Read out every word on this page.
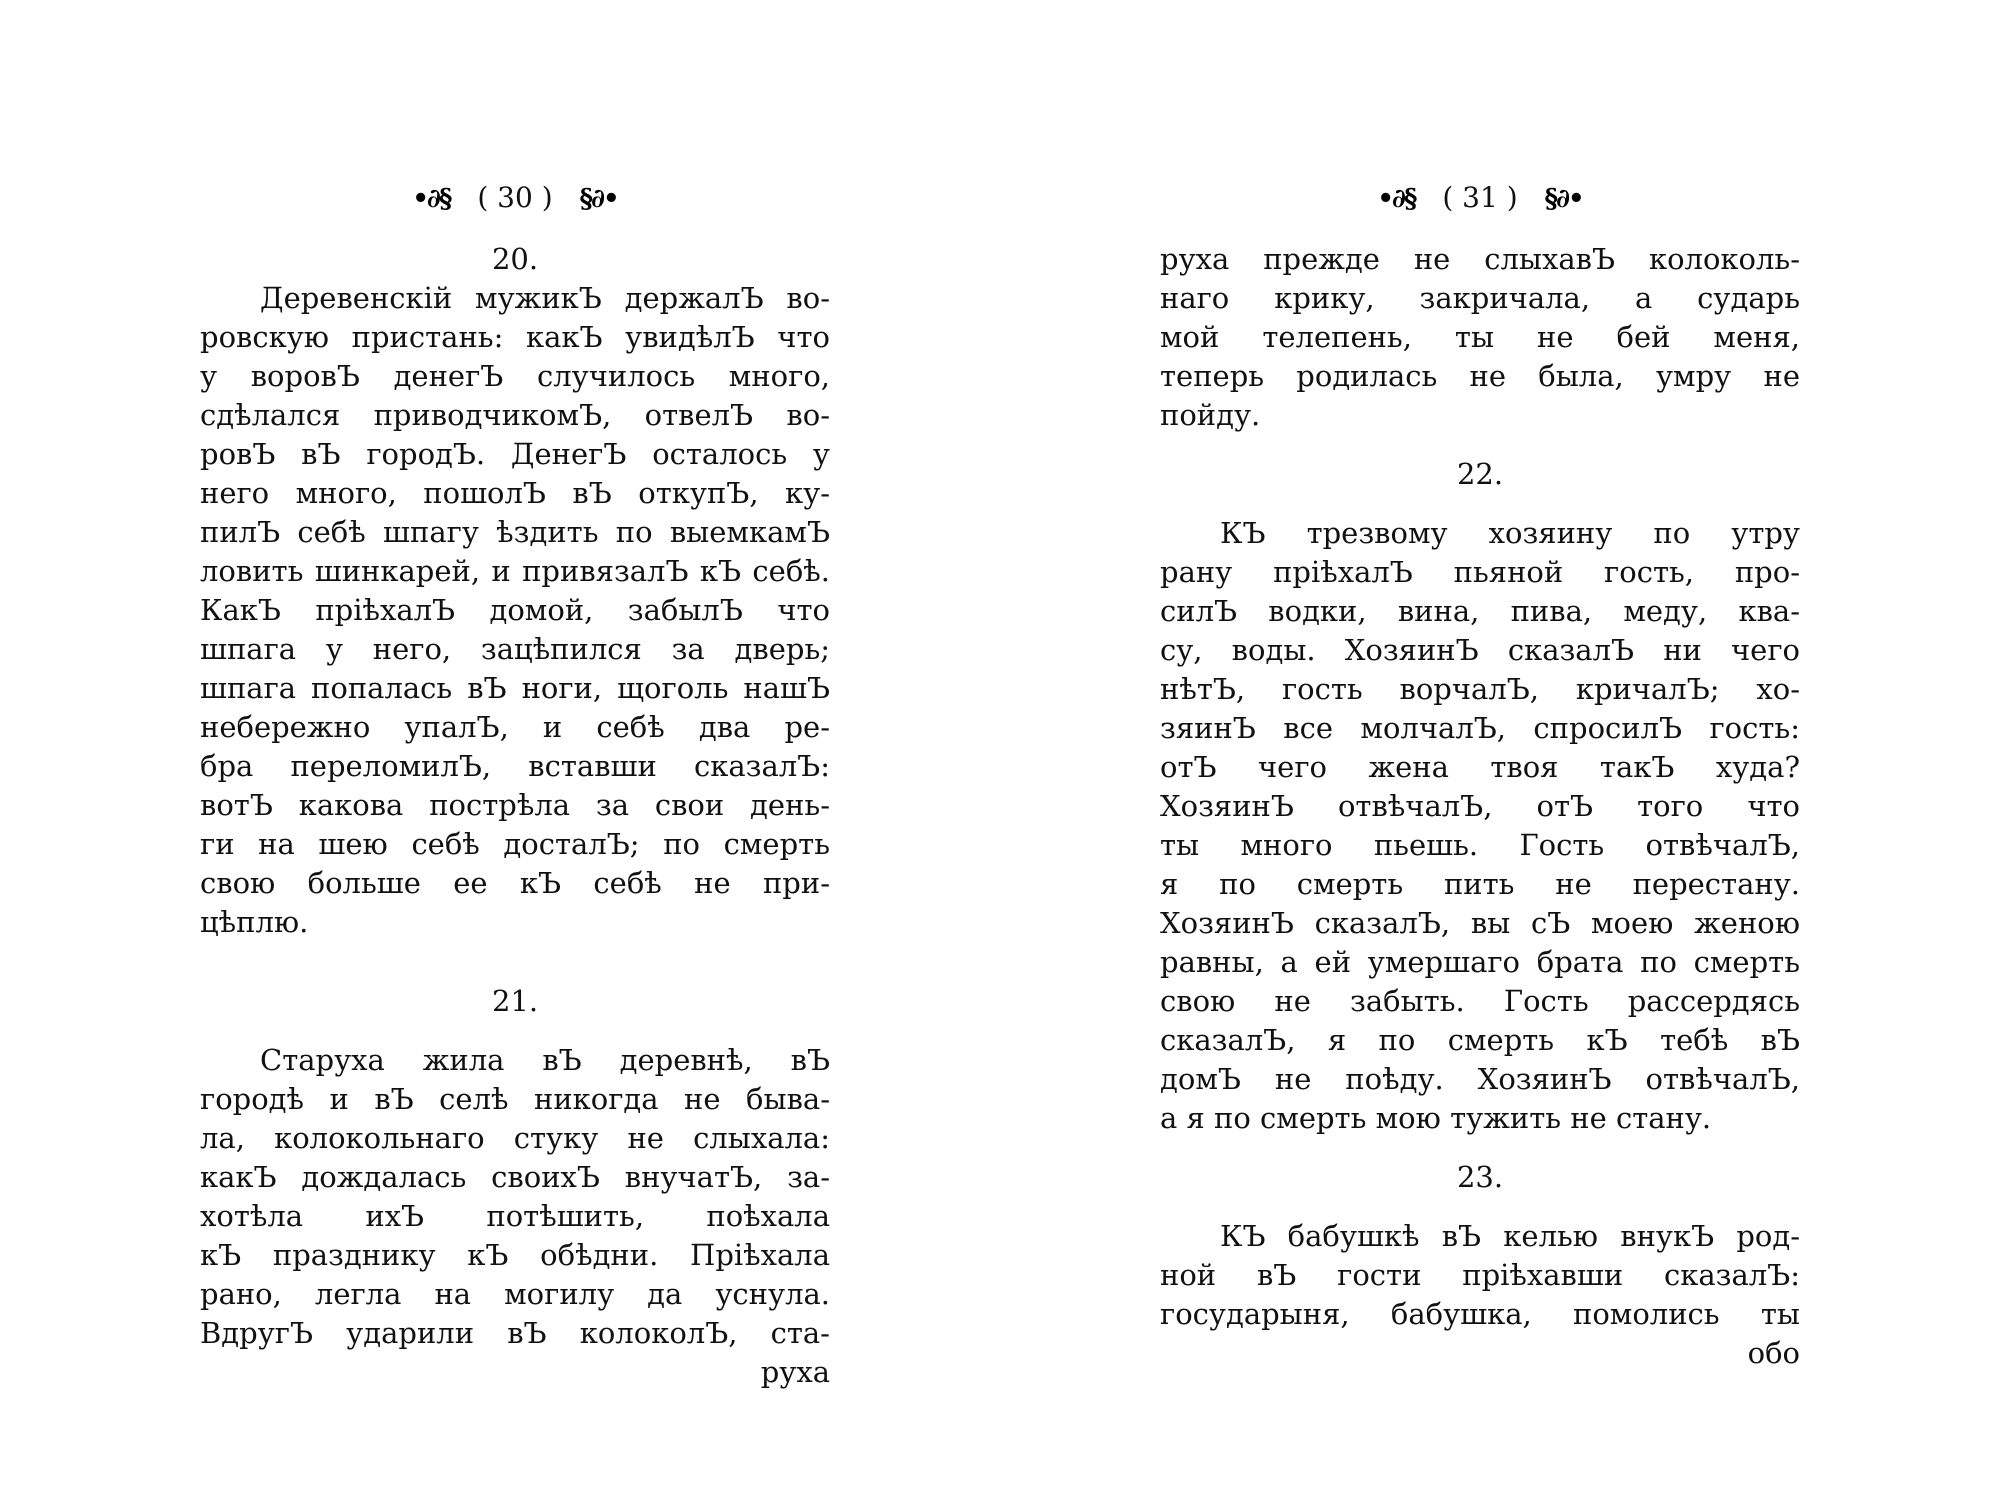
•∂§ ( 30 ) §∂•
20.
Деревенскій мужикЪ держалЪ во-
ровскую пристань: какЪ увидѣлЪ что
у воровЪ денегЪ случилось много,
сдѣлался приводчикомЪ, отвелЪ во-
ровЪ вЪ городЪ. ДенегЪ осталось у
него много, пошолЪ вЪ откупЪ, ку-
пилЪ себѣ шпагу ѣздить по выемкамЪ
ловить шинкарей, и привязалЪ кЪ себѣ.
КакЪ пріѣхалЪ домой, забылЪ что
шпага у него, зацѣпился за дверь;
шпага попалась вЪ ноги, щоголь нашЪ
небережно упалЪ, и себѣ два ре-
бра переломилЪ, вставши сказалЪ:
вотЪ какова пострѣла за свои день-
ги на шею себѣ досталЪ; по смерть
свою больше ее кЪ себѣ не при-
цѣплю.
21.
Старуха жила вЪ деревнѣ, вЪ
городѣ и вЪ селѣ никогда не быва-
ла, колокольнаго стуку не слыхала:
какЪ дождалась своихЪ внучатЪ, за-
хотѣла ихЪ потѣшить, поѣхала
кЪ празднику кЪ обѣдни. Пріѣхала
рано, легла на могилу да уснула.
ВдругЪ ударили вЪ колоколЪ, ста-
руха
•∂§ ( 31 ) §∂•
руха прежде не слыхавЪ колоколь-
наго крику, закричала, а сударь
мой телепень, ты не бей меня,
теперь родилась не была, умру не
пойду.
22.
КЪ трезвому хозяину по утру
рану пріѣхалЪ пьяной гость, про-
силЪ водки, вина, пива, меду, ква-
су, воды. ХозяинЪ сказалЪ ни чего
нѣтЪ, гость ворчалЪ, кричалЪ; хо-
зяинЪ все молчалЪ, спросилЪ гость:
отЪ чего жена твоя такЪ худа?
ХозяинЪ отвѣчалЪ, отЪ того что
ты много пьешь. Гость отвѣчалЪ,
я по смерть пить не перестану.
ХозяинЪ сказалЪ, вы сЪ моею женою
равны, а ей умершаго брата по смерть
свою не забыть. Гость рассердясь
сказалЪ, я по смерть кЪ тебѣ вЪ
домЪ не поѣду. ХозяинЪ отвѣчалЪ,
а я по смерть мою тужить не стану.
23.
КЪ бабушкѣ вЪ келью внукЪ род-
ной вЪ гости пріѣхавши сказалЪ:
государыня, бабушка, помолись ты
обо
